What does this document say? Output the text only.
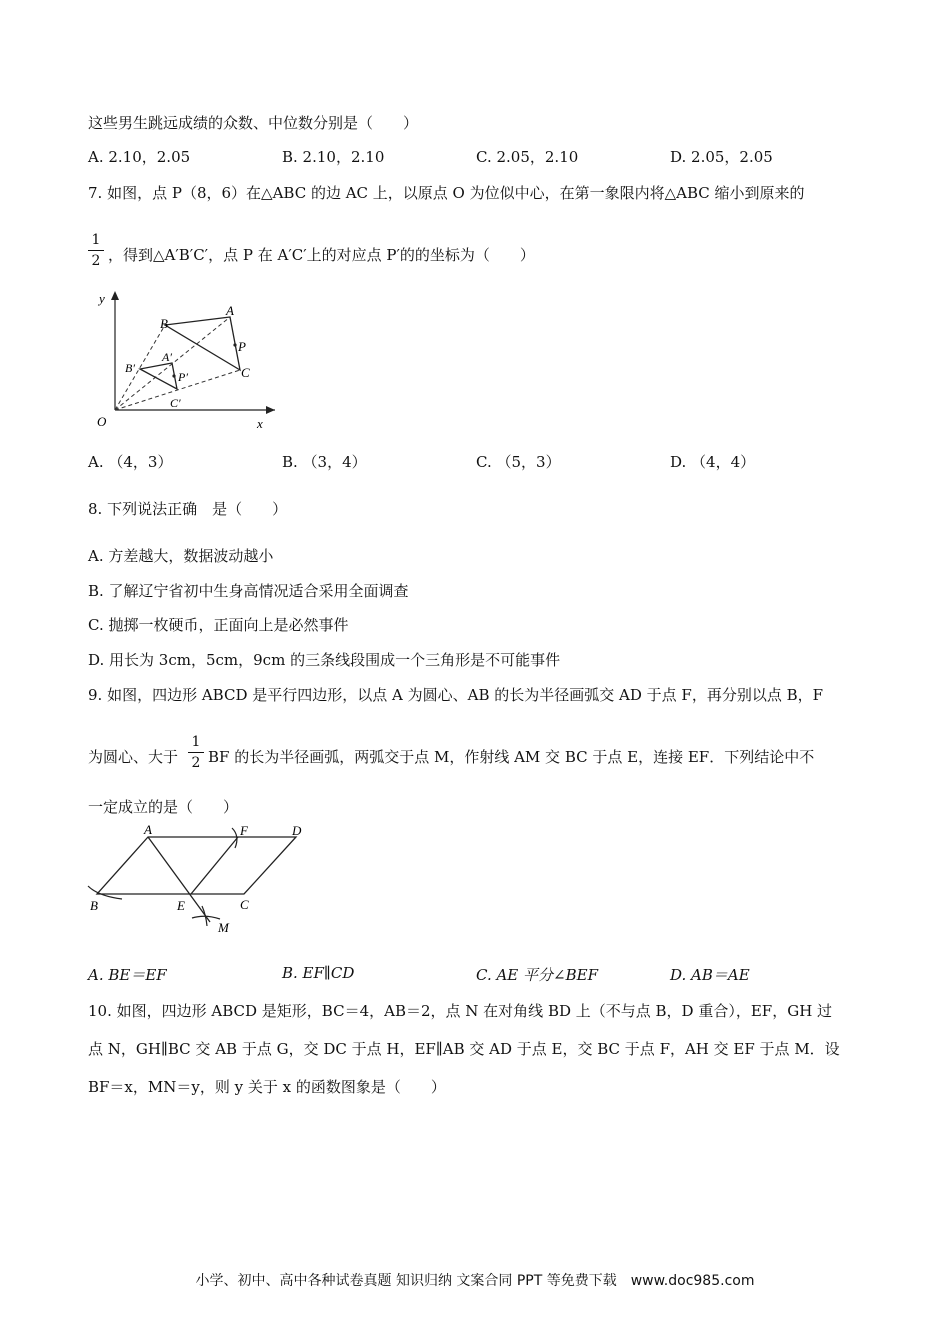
这些男生跳远成绩的众数、中位数分别是（　　）
A. 2.10，2.05	B. 2.10，2.10	C. 2.05，2.10	D. 2.05，2.05
7. 如图，点 P（8，6）在△ABC 的边 AC 上，以原点 O 为位似中心，在第一象限内将△ABC 缩小到原来的
1
2 ，得到△A′B′C′，点 P 在 A′C′上的对应点 P′的的坐标为（　　）
y
x
O
A
B
C
P
A′
B′
C′
P′
A. （4，3）	B. （3，4）	C. （5，3）	D. （4，4）
8. 下列说法正确　是（　　）
A. 方差越大，数据波动越小
B. 了解辽宁省初中生身高情况适合采用全面调查
C. 抛掷一枚硬币，正面向上是必然事件
D. 用长为 3cm，5cm，9cm 的三条线段围成一个三角形是不可能事件
9. 如图，四边形 ABCD 是平行四边形，以点 A 为圆心、AB 的长为半径画弧交 AD 于点 F，再分别以点 B，F
为圆心、大于
1
2 BF 的长为半径画弧，两弧交于点 M，作射线 AM 交 BC 于点 E，连接 EF．下列结论中不
一定成立的是（　　）
A	F	D
B	E	C
M
A. BE＝EF	B. EF∥CD	C. AE 平分∠BEF	D. AB＝AE
10. 如图，四边形 ABCD 是矩形，BC＝4，AB＝2，点 N 在对角线 BD 上（不与点 B，D 重合），EF，GH 过
点 N，GH∥BC 交 AB 于点 G，交 DC 于点 H，EF∥AB 交 AD 于点 E，交 BC 于点 F，AH 交 EF 于点 M．设
BF＝x，MN＝y，则 y 关于 x 的函数图象是（　　）
小学、初中、高中各种试卷真题 知识归纳 文案合同 PPT 等免费下载　www.doc985.com
